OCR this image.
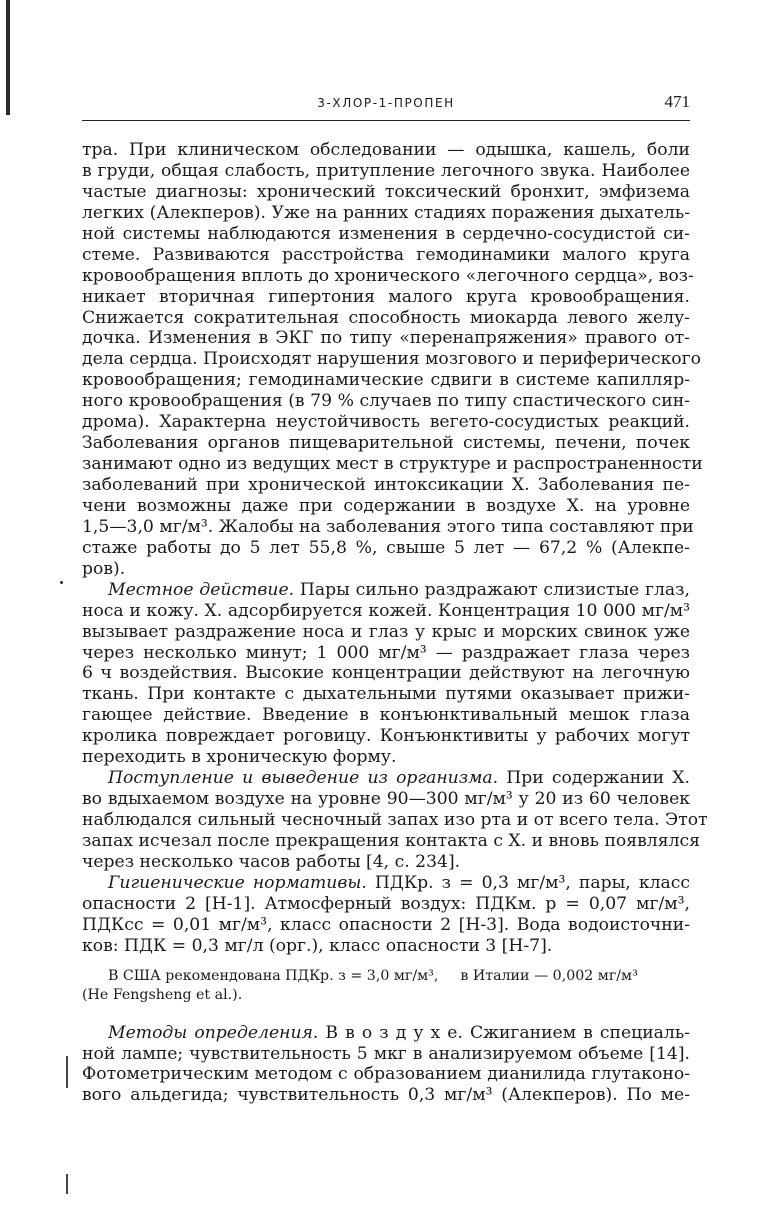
3-ХЛОР-1-ПРОПЕН	471
тра. При клиническом обследовании — одышка, кашель, боли
в груди, общая слабость, притупление легочного звука. Наиболее
частые диагнозы: хронический токсический бронхит, эмфизема
легких (Алекперов). Уже на ранних стадиях поражения дыхатель-
ной системы наблюдаются изменения в сердечно-сосудистой си-
стеме. Развиваются расстройства гемодинамики малого круга
кровообращения вплоть до хронического «легочного сердца», воз-
никает вторичная гипертония малого круга кровообращения.
Снижается сократительная способность миокарда левого желу-
дочка. Изменения в ЭКГ по типу «перенапряжения» правого от-
дела сердца. Происходят нарушения мозгового и периферического
кровообращения; гемодинамические сдвиги в системе капилляр-
ного кровообращения (в 79 % случаев по типу спастического син-
дрома). Характерна неустойчивость вегето-сосудистых реакций.
Заболевания органов пищеварительной системы, печени, почек
занимают одно из ведущих мест в структуре и распространенности
заболеваний при хронической интоксикации X. Заболевания пе-
чени возможны даже при содержании в воздухе X. на уровне
1,5—3,0 мг/м³. Жалобы на заболевания этого типа составляют при
стаже работы до 5 лет 55,8 %, свыше 5 лет — 67,2 % (Алекпе-
ров).
Местное действие. Пары сильно раздражают слизистые глаз,
носа и кожу. X. адсорбируется кожей. Концентрация 10 000 мг/м³
вызывает раздражение носа и глаз у крыс и морских свинок уже
через несколько минут; 1 000 мг/м³ — раздражает глаза через
6 ч воздействия. Высокие концентрации действуют на легочную
ткань. При контакте с дыхательными путями оказывает прижи-
гающее действие. Введение в конъюнктивальный мешок глаза
кролика повреждает роговицу. Конъюнктивиты у рабочих могут
переходить в хроническую форму.
Поступление и выведение из организма. При содержании X.
во вдыхаемом воздухе на уровне 90—300 мг/м³ у 20 из 60 человек
наблюдался сильный чесночный запах изо рта и от всего тела. Этот
запах исчезал после прекращения контакта с X. и вновь появлялся
через несколько часов работы [4, с. 234].
Гигиенические нормативы. ПДКр. з = 0,3 мг/м³, пары, класс
опасности 2 [Н-1]. Атмосферный воздух: ПДКм. р = 0,07 мг/м³,
ПДКсс = 0,01 мг/м³, класс опасности 2 [Н-3]. Вода водоисточни-
ков: ПДК = 0,3 мг/л (орг.), класс опасности 3 [Н-7].
В США рекомендована ПДКр. з = 3,0 мг/м³, в Италии — 0,002 мг/м³
(Не Fengsheng et al.).
Методы определения. В в о з д у х е. Сжиганием в специаль-
ной лампе; чувствительность 5 мкг в анализируемом объеме [14].
Фотометрическим методом с образованием дианилида глутаконо-
вого альдегида; чувствительность 0,3 мг/м³ (Алекперов). По ме-
